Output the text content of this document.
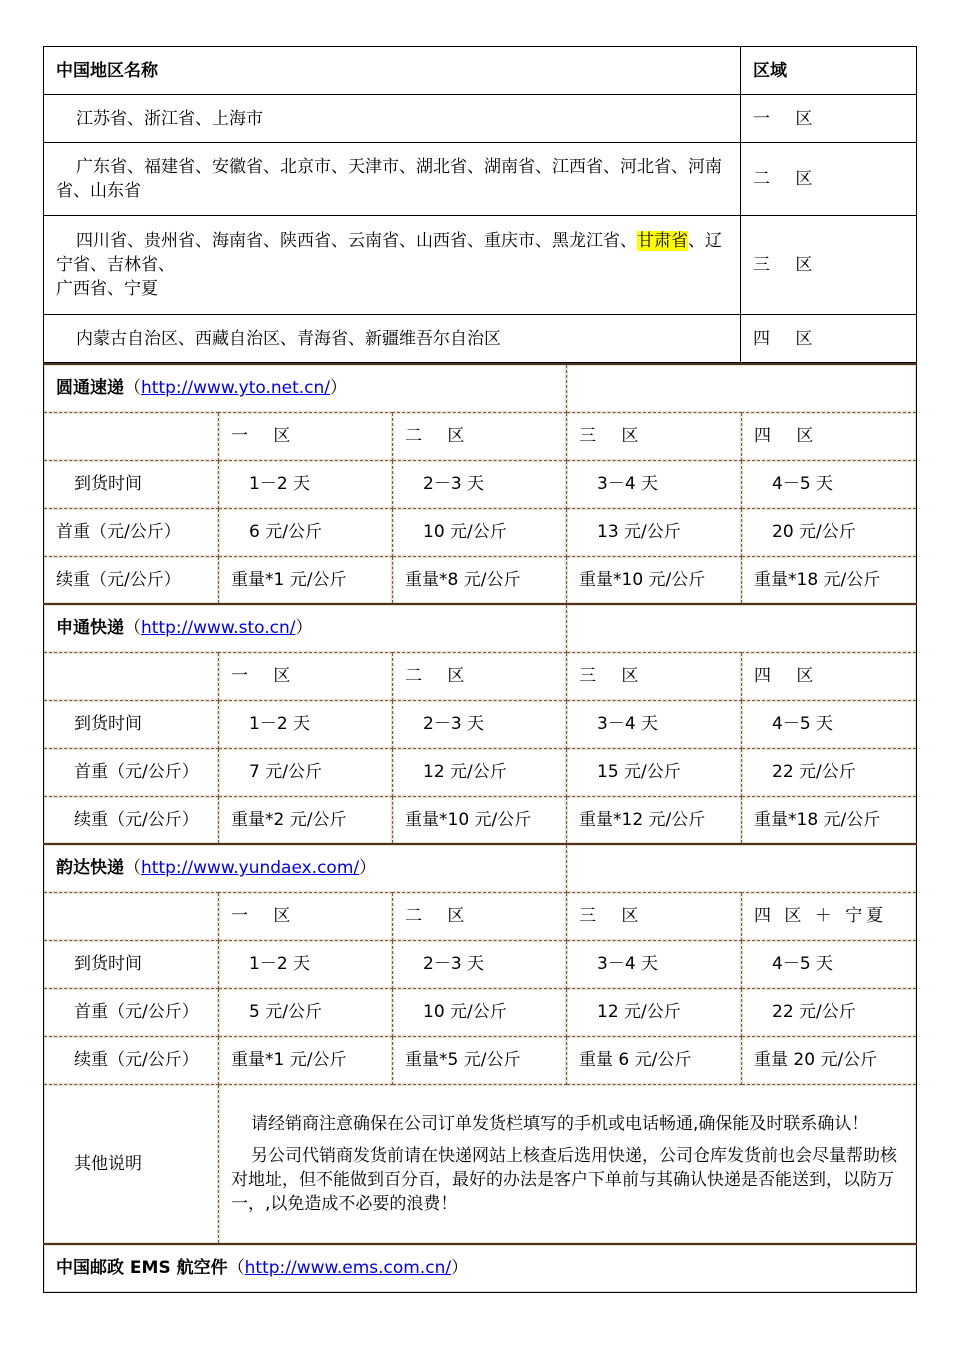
中国地区名称	区域
江苏省、浙江省、上海市	一 区
广东省、福建省、安徽省、北京市、天津市、湖北省、湖南省、江西省、河北省、河南省、山东省	二 区
四川省、贵州省、海南省、陕西省、云南省、山西省、重庆市、黑龙江省、甘肃省、辽宁省、吉林省、
广西省、宁夏	三 区
内蒙古自治区、西藏自治区、青海省、新疆维吾尔自治区	四 区
圆通速递（http://www.yto.net.cn/）				
	一 区	二 区	三 区	四 区
到货时间	1－2 天	2－3 天	3－4 天	4－5 天
首重（元/公斤）	6 元/公斤	10 元/公斤	13 元/公斤	20 元/公斤
续重（元/公斤）	重量*1 元/公斤	重量*8 元/公斤	重量*10 元/公斤	重量*18 元/公斤
申通快递（http://www.sto.cn/）				
	一 区	二 区	三 区	四 区
到货时间	1－2 天	2－3 天	3－4 天	4－5 天
首重（元/公斤）	7 元/公斤	12 元/公斤	15 元/公斤	22 元/公斤
续重（元/公斤）	重量*2 元/公斤	重量*10 元/公斤	重量*12 元/公斤	重量*18 元/公斤
韵达快递（http://www.yundaex.com/）				
	一 区	二 区	三 区	四 区 ＋ 宁夏
到货时间	1－2 天	2－3 天	3－4 天	4－5 天
首重（元/公斤）	5 元/公斤	10 元/公斤	12 元/公斤	22 元/公斤
续重（元/公斤）	重量*1 元/公斤	重量*5 元/公斤	重量 6 元/公斤	重量 20 元/公斤
其他说明	请经销商注意确保在公司订单发货栏填写的手机或电话畅通,确保能及时联系确认！

另公司代销商发货前请在快递网站上核查后选用快递，公司仓库发货前也会尽量帮助核对地址，但不能做到百分百，最好的办法是客户下单前与其确认快递是否能送到，以防万一，,以免造成不必要的浪费！			

中国邮政 EMS 航空件（http://www.ems.com.cn/）				
